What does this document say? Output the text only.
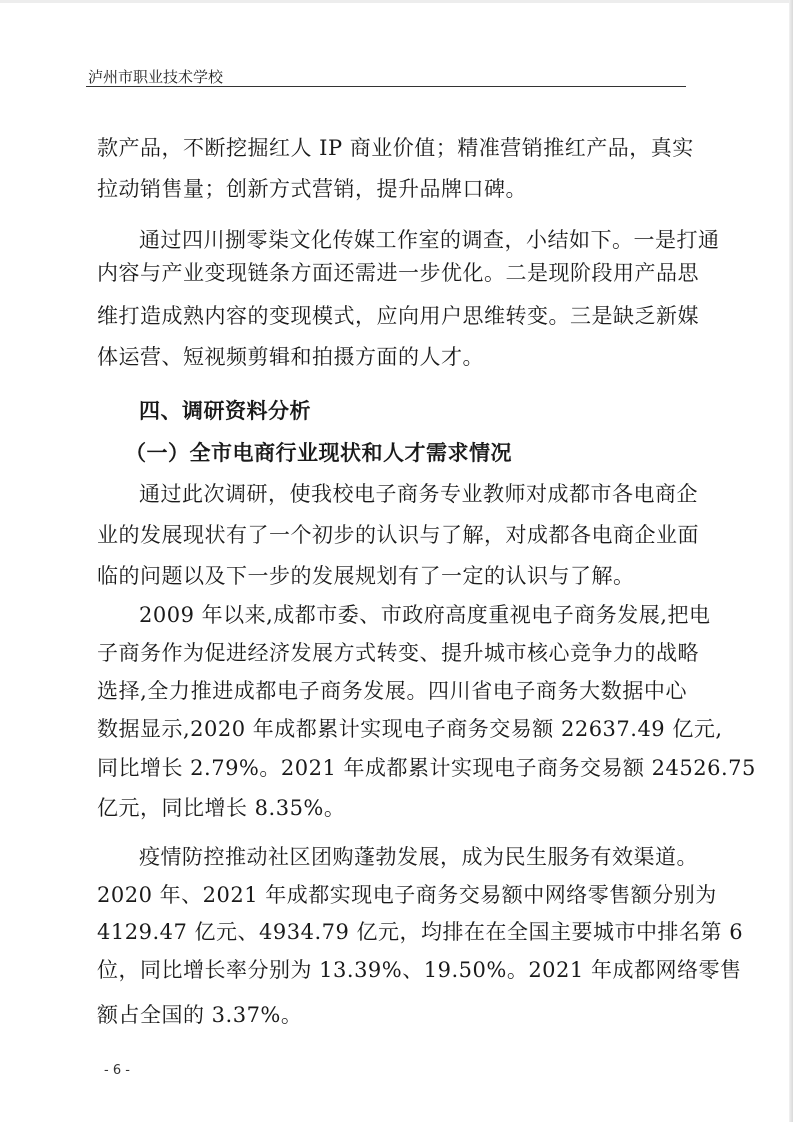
泸州市职业技术学校
款产品，不断挖掘红人 IP 商业价值；精准营销推红产品，真实
拉动销售量；创新方式营销，提升品牌口碑。
通过四川捌零柒文化传媒工作室的调查，小结如下。一是打通
内容与产业变现链条方面还需进一步优化。二是现阶段用产品思
维打造成熟内容的变现模式，应向用户思维转变。三是缺乏新媒
体运营、短视频剪辑和拍摄方面的人才。
四、调研资料分析
（一）全市电商行业现状和人才需求情况
通过此次调研，使我校电子商务专业教师对成都市各电商企
业的发展现状有了一个初步的认识与了解，对成都各电商企业面
临的问题以及下一步的发展规划有了一定的认识与了解。
2009 年以来,成都市委、市政府高度重视电子商务发展,把电
子商务作为促进经济发展方式转变、提升城市核心竞争力的战略
选择,全力推进成都电子商务发展。四川省电子商务大数据中心
数据显示,2020 年成都累计实现电子商务交易额 22637.49 亿元,
同比增长 2.79%。2021 年成都累计实现电子商务交易额 24526.75
亿元，同比增长 8.35%。
疫情防控推动社区团购蓬勃发展，成为民生服务有效渠道。
2020 年、2021 年成都实现电子商务交易额中网络零售额分别为
4129.47 亿元、4934.79 亿元，均排在在全国主要城市中排名第 6
位，同比增长率分别为 13.39%、19.50%。2021 年成都网络零售
额占全国的 3.37%。
- 6 -
